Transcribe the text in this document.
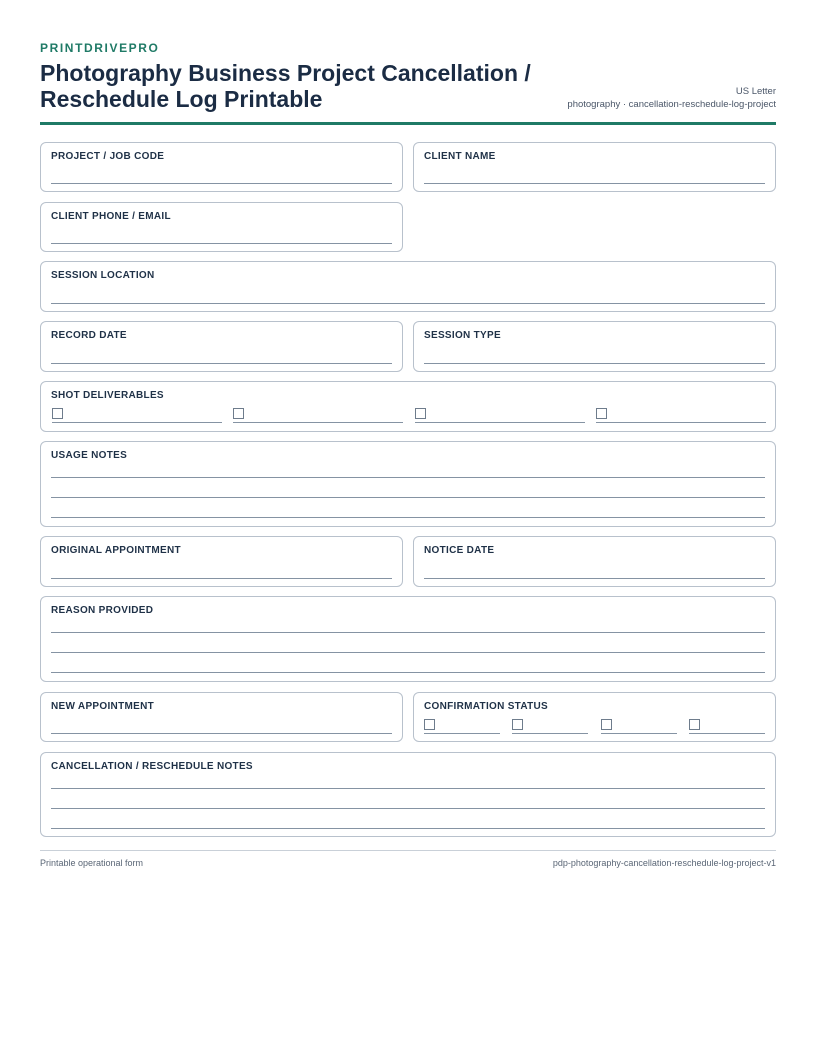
PRINTDRIVEPRO
Photography Business Project Cancellation / Reschedule Log Printable	US Letter
photography · cancellation-reschedule-log-project
PROJECT / JOB CODE	CLIENT NAME
CLIENT PHONE / EMAIL
SESSION LOCATION
RECORD DATE	SESSION TYPE
SHOT DELIVERABLES
USAGE NOTES
ORIGINAL APPOINTMENT	NOTICE DATE
REASON PROVIDED
NEW APPOINTMENT	CONFIRMATION STATUS
CANCELLATION / RESCHEDULE NOTES
Printable operational form	pdp-photography-cancellation-reschedule-log-project-v1
